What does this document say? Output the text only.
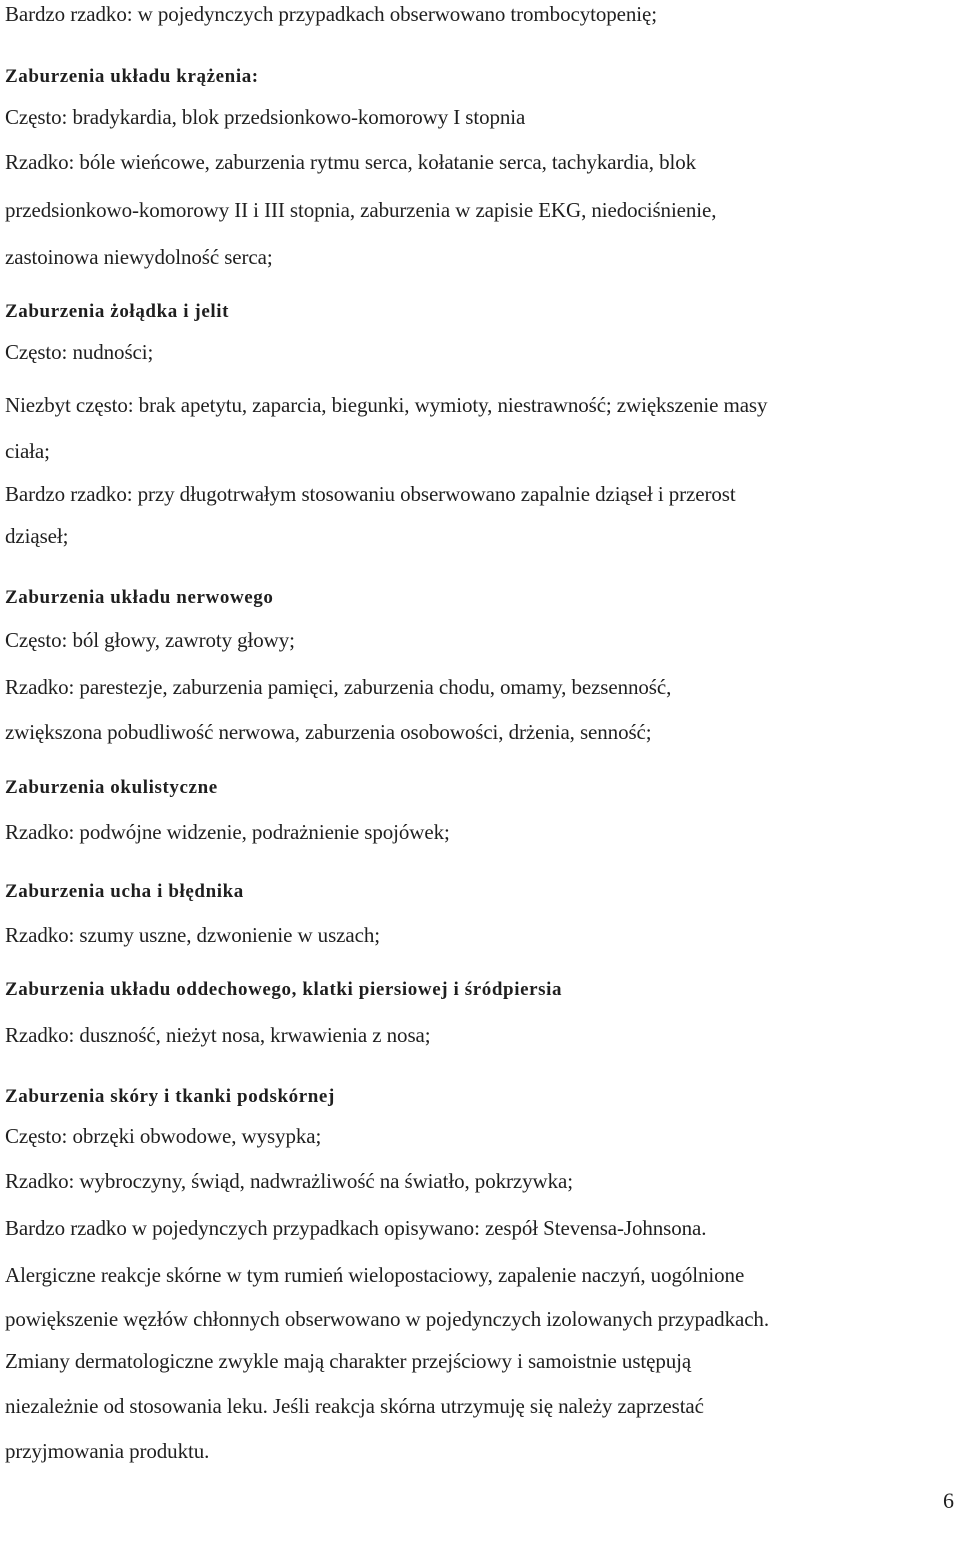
Bardzo rzadko: w pojedynczych przypadkach obserwowano trombocytopenię;
Zaburzenia układu krążenia:
Często: bradykardia, blok przedsionkowo-komorowy I stopnia
Rzadko: bóle wieńcowe, zaburzenia rytmu serca, kołatanie serca, tachykardia, blok
przedsionkowo-komorowy II i III stopnia, zaburzenia w zapisie EKG, niedociśnienie,
zastoinowa niewydolność serca;
Zaburzenia żołądka i jelit
Często: nudności;
Niezbyt często: brak apetytu, zaparcia, biegunki, wymioty, niestrawność; zwiększenie masy
ciała;
Bardzo rzadko: przy długotrwałym stosowaniu obserwowano zapalnie dziąseł i przerost
dziąseł;
Zaburzenia układu nerwowego
Często: ból głowy, zawroty głowy;
Rzadko: parestezje, zaburzenia pamięci, zaburzenia chodu, omamy, bezsenność,
zwiększona pobudliwość nerwowa, zaburzenia osobowości, drżenia, senność;
Zaburzenia okulistyczne
Rzadko: podwójne widzenie, podrażnienie spojówek;
Zaburzenia ucha i błędnika
Rzadko: szumy uszne, dzwonienie w uszach;
Zaburzenia układu oddechowego, klatki piersiowej i śródpiersia
Rzadko: duszność, nieżyt nosa, krwawienia z nosa;
Zaburzenia skóry i tkanki podskórnej
Często: obrzęki obwodowe, wysypka;
Rzadko: wybroczyny, świąd, nadwrażliwość na światło, pokrzywka;
Bardzo rzadko w pojedynczych przypadkach opisywano: zespół Stevensa-Johnsona.
Alergiczne reakcje skórne w tym rumień wielopostaciowy, zapalenie naczyń, uogólnione
powiększenie węzłów chłonnych obserwowano w pojedynczych izolowanych przypadkach.
Zmiany dermatologiczne zwykle mają charakter przejściowy i samoistnie ustępują
niezależnie od stosowania leku. Jeśli reakcja skórna utrzymuję się należy zaprzestać
przyjmowania produktu.
6
